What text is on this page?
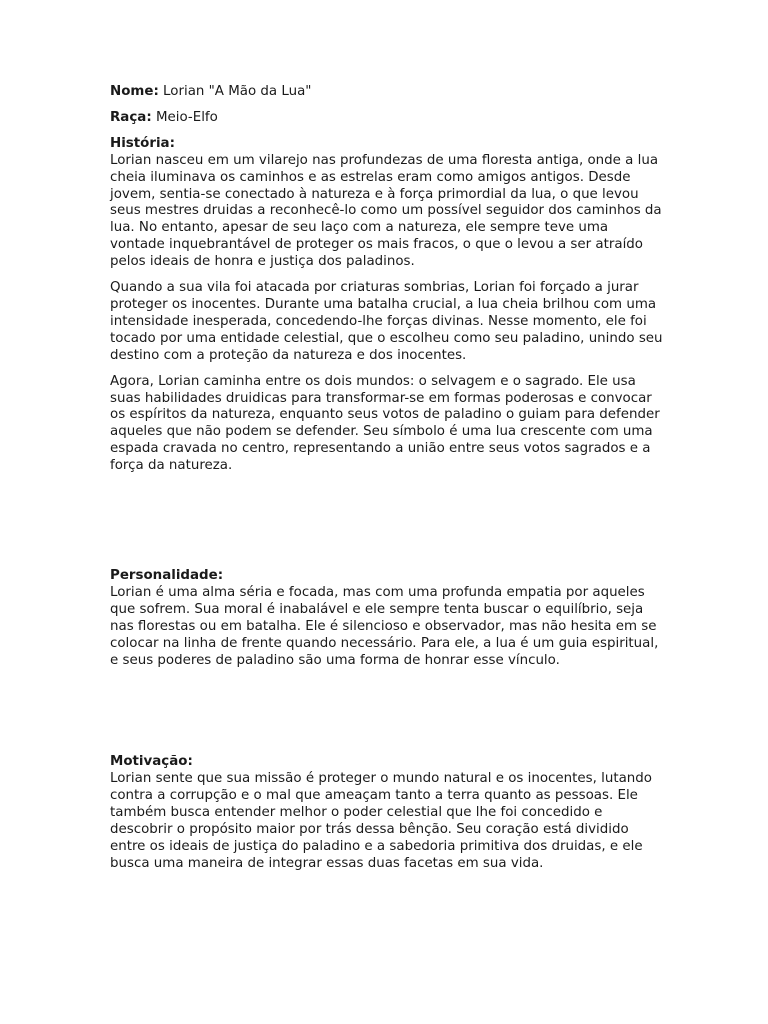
Nome: Lorian "A Mão da Lua"
Raça: Meio-Elfo
História:

Lorian nasceu em um vilarejo nas profundezas de uma floresta antiga, onde a lua cheia iluminava os caminhos e as estrelas eram como amigos antigos. Desde jovem, sentia-se conectado à natureza e à força primordial da lua, o que levou seus mestres druidas a reconhecê-lo como um possível seguidor dos caminhos da lua. No entanto, apesar de seu laço com a natureza, ele sempre teve uma vontade inquebrantável de proteger os mais fracos, o que o levou a ser atraído pelos ideais de honra e justiça dos paladinos.

Quando a sua vila foi atacada por criaturas sombrias, Lorian foi forçado a jurar proteger os inocentes. Durante uma batalha crucial, a lua cheia brilhou com uma intensidade inesperada, concedendo-lhe forças divinas. Nesse momento, ele foi tocado por uma entidade celestial, que o escolheu como seu paladino, unindo seu destino com a proteção da natureza e dos inocentes.

Agora, Lorian caminha entre os dois mundos: o selvagem e o sagrado. Ele usa suas habilidades druidicas para transformar-se em formas poderosas e convocar os espíritos da natureza, enquanto seus votos de paladino o guiam para defender aqueles que não podem se defender. Seu símbolo é uma lua crescente com uma espada cravada no centro, representando a união entre seus votos sagrados e a força da natureza.

Personalidade:

Lorian é uma alma séria e focada, mas com uma profunda empatia por aqueles que sofrem. Sua moral é inabalável e ele sempre tenta buscar o equilíbrio, seja nas florestas ou em batalha. Ele é silencioso e observador, mas não hesita em se colocar na linha de frente quando necessário. Para ele, a lua é um guia espiritual, e seus poderes de paladino são uma forma de honrar esse vínculo.

Motivação:

Lorian sente que sua missão é proteger o mundo natural e os inocentes, lutando contra a corrupção e o mal que ameaçam tanto a terra quanto as pessoas. Ele também busca entender melhor o poder celestial que lhe foi concedido e descobrir o propósito maior por trás dessa bênção. Seu coração está dividido entre os ideais de justiça do paladino e a sabedoria primitiva dos druidas, e ele busca uma maneira de integrar essas duas facetas em sua vida.
